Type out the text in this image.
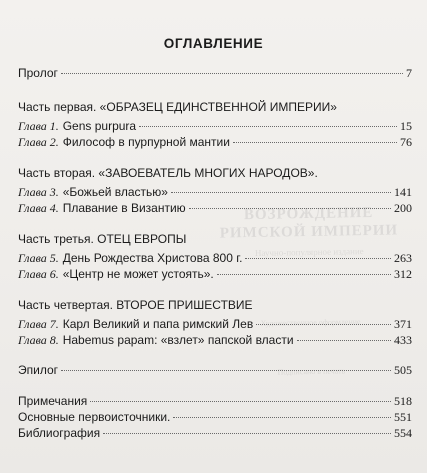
ВОЗРОЖДЕНИЕ РИМСКОЙ ИМПЕРИИ
Научно-популярное издание
Художественное оформление
Подписано в печать
ОГЛАВЛЕНИЕ
Пролог	7
Часть первая. «ОБРАЗЕЦ ЕДИНСТВЕННОЙ ИМПЕРИИ»
Глава 1. Gens purpura	15
Глава 2. Философ в пурпурной мантии	76
Часть вторая. «ЗАВОЕВАТЕЛЬ МНОГИХ НАРОДОВ».
Глава 3. «Божьей властью»	141
Глава 4. Плавание в Византию	200
Часть третья. ОТЕЦ ЕВРОПЫ
Глава 5. День Рождества Христова 800 г.	263
Глава 6. «Центр не может устоять».	312
Часть четвертая. ВТОРОЕ ПРИШЕСТВИЕ
Глава 7. Карл Великий и папа римский Лев	371
Глава 8. Habemus papam: «взлет» папской власти	433
Эпилог	505
Примечания	518
Основные первоисточники.	551
Библиография	554
